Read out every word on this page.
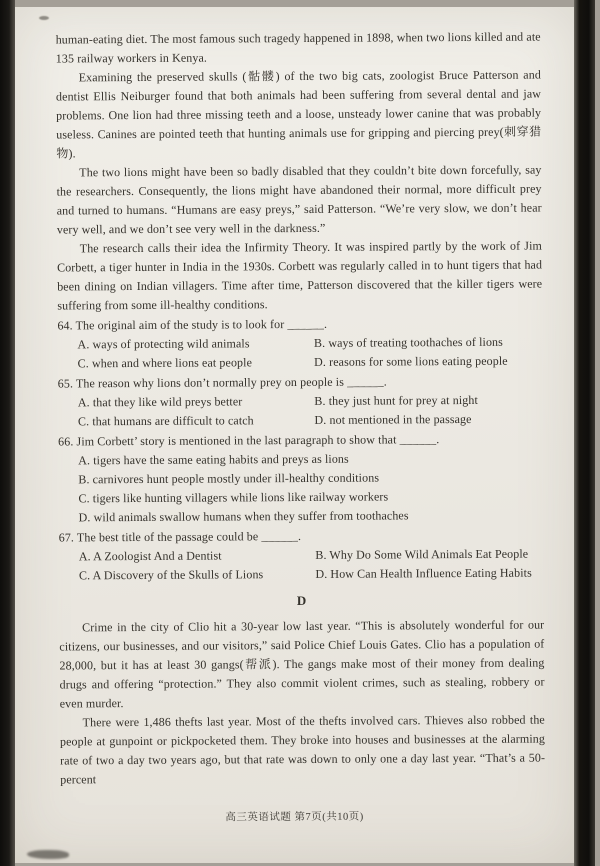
human-eating diet. The most famous such tragedy happened in 1898, when two lions killed and ate 135 railway workers in Kenya.

Examining the preserved skulls (骷髅) of the two big cats, zoologist Bruce Patterson and dentist Ellis Neiburger found that both animals had been suffering from several dental and jaw problems. One lion had three missing teeth and a loose, unsteady lower canine that was probably useless. Canines are pointed teeth that hunting animals use for gripping and piercing prey(刺穿猎物).

The two lions might have been so badly disabled that they couldn’t bite down forcefully, say the researchers. Consequently, the lions might have abandoned their normal, more difficult prey and turned to humans. “Humans are easy preys,” said Patterson. “We’re very slow, we don’t hear very well, and we don’t see very well in the darkness.”

The research calls their idea the Infirmity Theory. It was inspired partly by the work of Jim Corbett, a tiger hunter in India in the 1930s. Corbett was regularly called in to hunt tigers that had been dining on Indian villagers. Time after time, Patterson discovered that the killer tigers were suffering from some ill-healthy conditions.

64. The original aim of the study is to look for ______.
A. ways of protecting wild animals	B. ways of treating toothaches of lions
C. when and where lions eat people	D. reasons for some lions eating people
65. The reason why lions don’t normally prey on people is ______.
A. that they like wild preys better	B. they just hunt for prey at night
C. that humans are difficult to catch	D. not mentioned in the passage
66. Jim Corbett’ story is mentioned in the last paragraph to show that ______.
A. tigers have the same eating habits and preys as lions
B. carnivores hunt people mostly under ill-healthy conditions
C. tigers like hunting villagers while lions like railway workers
D. wild animals swallow humans when they suffer from toothaches
67. The best title of the passage could be ______.
A. A Zoologist And a Dentist	B. Why Do Some Wild Animals Eat People
C. A Discovery of the Skulls of Lions	D. How Can Health Influence Eating Habits
D

Crime in the city of Clio hit a 30-year low last year. “This is absolutely wonderful for our citizens, our businesses, and our visitors,” said Police Chief Louis Gates. Clio has a population of 28,000, but it has at least 30 gangs(帮派). The gangs make most of their money from dealing drugs and offering “protection.” They also commit violent crimes, such as stealing, robbery or even murder.

There were 1,486 thefts last year. Most of the thefts involved cars. Thieves also robbed the people at gunpoint or pickpocketed them. They broke into houses and businesses at the alarming rate of two a day two years ago, but that rate was down to only one a day last year. “That’s a 50-percent

高三英语试题 第7页(共10页)
